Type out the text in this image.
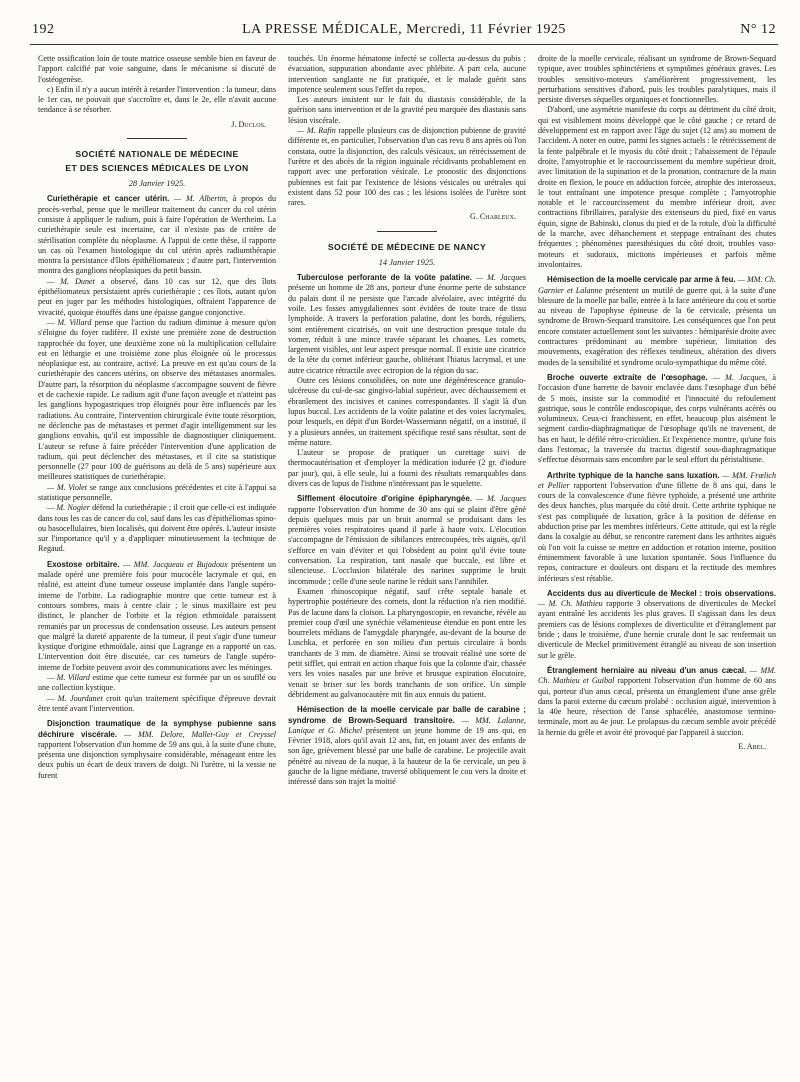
192	LA PRESSE MÉDICALE, Mercredi, 11 Février 1925	N° 12

Cette ossification loin de toute matrice osseuse semble bien en faveur de l'apport calcifié par voie sanguine, dans le mécanisme si discuté de l'ostéogenèse.

c) Enfin il n'y a aucun intérêt à retarder l'intervention : la tumeur, dans le 1er cas, ne pouvait que s'accroître et, dans le 2e, elle n'avait aucune tendance à se résorber.

J. Duclos.
SOCIÉTÉ NATIONALE DE MÉDECINE
ET DES SCIENCES MÉDICALES DE LYON
28 Janvier 1925.

Curiethérapie et cancer utérin. — M. Albertin, à propos du procès-verbal, pense que le meilleur traitement du cancer du col utérin consiste à appliquer le radium, puis à faire l'opération de Wertheim. La curiethérapie seule est incertaine, car il n'existe pas de critère de stérilisation complète du néoplasme. A l'appui de cette thèse, il rapporte un cas où l'examen histologique du col utérin après radiumthérapie montra la persistance d'îlots épithéliomateux ; d'autre part, l'intervention montra des ganglions néoplasiques du petit bassin.

— M. Dunet a observé, dans 10 cas sur 12, que des îlots épithéliomateux persistaient après curiethérapie ; ces îlots, autant qu'on peut en juger par les méthodes histologiques, offraient l'apparence de vivacité, quoique étouffés dans une épaisse gangue conjonctive.

— M. Villard pense que l'action du radium diminue à mesure qu'on s'éloigne du foyer radifère. Il existe une première zone de destruction rapprochée du foyer, une deuxième zone où la multiplication cellulaire est en léthargie et une troisième zone plus éloignée où le processus néoplasique est, au contraire, activé. La preuve en est qu'au cours de la curiethérapie des cancers utérins, on observe des métastases anormales. D'autre part, la résorption du néoplasme s'accompagne souvent de fièvre et de cachexie rapide. Le radium agit d'une façon aveugle et n'atteint pas les ganglions hypogastriques trop éloignés pour être influencés par les radiations. Au contraire, l'intervention chirurgicale évite toute résorption, ne déclenche pas de métastases et permet d'agir intelligemment sur les ganglions envahis, qu'il est impossible de diagnostiquer cliniquement. L'auteur se refuse à faire précéder l'intervention d'une application de radium, qui peut déclencher des métastases, et il cite sa statistique personnelle (27 pour 100 de guérisons au delà de 5 ans) supérieure aux meilleures statistiques de curiethérapie.

— M. Violet se range aux conclusions précédentes et cite à l'appui sa statistique personnelle.

— M. Nogier défend la curiethérapie ; il croit que celle-ci est indiquée dans tous les cas de cancer du col, sauf dans les cas d'épithéliomas spino- ou basocellulaires, bien localisés, qui doivent être opérés. L'auteur insiste sur l'importance qu'il y a d'appliquer minutieusement la technique de Regaud.

Exostose orbitaire. — MM. Jacqueau et Bujadoux présentent un malade opéré une première fois pour mucocèle lacrymale et qui, en réalité, est atteint d'une tumeur osseuse implantée dans l'angle supéro-interne de l'orbite. La radiographie montre que cette tumeur est à contours sombres, mais à centre clair ; le sinus maxillaire est peu distinct, le plancher de l'orbite et la région ethmoïdale paraissent remaniés par un processus de condensation osseuse. Les auteurs pensent que malgré la dureté apparente de la tumeur, il peut s'agir d'une tumeur kystique d'origine ethmoïdale, ainsi que Lagrange en a rapporté un cas. L'intervention doit être discutée, car ces tumeurs de l'angle supéro-interne de l'orbite peuvent avoir des communications avec les méninges.

— M. Villard estime que cette tumeur est formée par un os soufflé ou une collection kystique.

— M. Jourdanet croit qu'un traitement spécifique d'épreuve devrait être tenté avant l'intervention.

Disjonction traumatique de la symphyse pubienne sans déchirure viscérale. — MM. Delore, Mallet-Guy et Creyssel rapportent l'observation d'un homme de 59 ans qui, à la suite d'une chute, présenta une disjonction symphysaire considérable, ménageant entre les deux pubis un écart de deux travers de doigt. Ni l'urètre, ni la vessie ne furent

touchés. Un énorme hématome infecté se collecta au-dessus du pubis : évacuation, suppuration abondante avec phlébite. A part cela, aucune intervention sanglante ne fut pratiquée, et le malade guérit sans impotence seulement sous l'effet du repos.

Les auteurs insistent sur le fait du diastasis considérable, de la guérison sans intervention et de la gravité peu marquée des diastasis sans lésion viscérale.

— M. Rafin rappelle plusieurs cas de disjonction pubienne de gravité différente et, en particulier, l'observation d'un cas revu 8 ans après où l'on constata, outre la disjonction, des calculs vésicaux, un rétrécissement de l'urètre et des abcès de la région inguinale récidivants probablement en rapport avec une perforation vésicale. Le pronostic des disjonctions pubiennes est fait par l'existence de lésions vésicales ou urétrales qui existent dans 52 pour 100 des cas ; les lésions isolées de l'urètre sont rares.

G. Charleux.
SOCIÉTÉ DE MÉDECINE DE NANCY
14 Janvier 1925.

Tuberculose perforante de la voûte palatine. — M. Jacques présente un homme de 28 ans, porteur d'une énorme perte de substance du palais dont il ne persiste que l'arcade alvéolaire, avec intégrité du voile. Les fosses amygdaliennes sont évidées de toute trace de tissu lymphoïde. A travers la perforation palatine, dont les bords, réguliers, sont entièrement cicatrisés, on voit une destruction presque totale du vomer, réduit à une mince travée séparant les choanes. Les cornets, largement visibles, ont leur aspect presque normal. Il existe une cicatrice de la tête du cornet inférieur gauche, oblitérant l'hiatus lacrymal, et une autre cicatrice rétractile avec ectropion de la région du sac.

Outre ces lésions consolidées, on note une dégénérescence granulo-ulcéreuse du cul-de-sac gingivo-labial supérieur, avec déchaussement et ébranlement des incisives et canines correspondantes. Il s'agit là d'un lupus buccal. Les accidents de la voûte palatine et des voies lacrymales, pour lesquels, en dépit d'un Bordet-Wassermann négatif, on a institué, il y a plusieurs années, un traitement spécifique resté sans résultat, sont de même nature.

L'auteur se propose de pratiquer un curettage suivi de thermocautérisation et d'employer la médication iodurée (2 gr. d'iodure par jour), qui, à elle seule, lui a fourni des résultats remarquables dans divers cas de lupus de l'isthme n'intéressant pas le squelette.

Sifflement élocutoire d'origine épipharyngée. — M. Jacques rapporte l'observation d'un homme de 30 ans qui se plaint d'être gêné depuis quelques mois par un bruit anormal se produisant dans les premières voies respiratoires quand il parle à haute voix. L'élocution s'accompagne de l'émission de sibilances entrecoupées, très aiguës, qu'il s'efforce en vain d'éviter et qui l'obsèdent au point qu'il évite toute conversation. La respiration, tant nasale que buccale, est libre et silencieuse. L'occlusion bilatérale des narines supprime le bruit incommode ; celle d'une seule narine le réduit sans l'annihiler.

Examen rhinoscopique négatif, sauf crête septale banale et hypertrophie postérieure des cornets, dont la réduction n'a rien modifié. Pas de lacune dans la cloison. La pharyngoscopie, en revanche, révèle au premier coup d'œil une synéchie vélamenteuse étendue en pont entre les bourrelets médians de l'amygdale pharyngée, au-devant de la bourse de Luschka, et perforée en son milieu d'un pertuis circulaire à bords tranchants de 3 mm. de diamètre. Ainsi se trouvait réalisé une sorte de petit sifflet, qui entrait en action chaque fois que la colonne d'air, chassée vers les voies nasales par une brève et brusque expiration élocutoire, venait se briser sur les bords tranchants de son orifice. Un simple débridement au galvanocautère mit fin aux ennuis du patient.

Hémisection de la moelle cervicale par balle de carabine ; syndrome de Brown-Sequard transitoire. — MM. Lalanne, Lanique et G. Michel présentent un jeune homme de 19 ans qui, en Février 1918, alors qu'il avait 12 ans, fut, en jouant avec des enfants de son âge, grièvement blessé par une balle de carabine. Le projectile avait pénétré au niveau de la nuque, à la hauteur de la 6e cervicale, un peu à gauche de la ligne médiane, traversé obliquement le cou vers la droite et intéressé dans son trajet la moitié

droite de la moelle cervicale, réalisant un syndrome de Brown-Sequard typique, avec troubles sphinctériens et symptômes généraux graves. Les troubles sensitivo-moteurs s'améliorèrent progressivement, les perturbations sensitives d'abord, puis les troubles paralytiques, mais il persiste diverses séquelles organiques et fonctionnelles.

D'abord, une asymétrie manifeste du corps au détriment du côté droit, qui est visiblement moins développé que le côté gauche ; ce retard de développement est en rapport avec l'âge du sujet (12 ans) au moment de l'accident. A noter en outre, parmi les signes actuels : le rétrécissement de la fente palpébrale et le myosis du côté droit ; l'abaissement de l'épaule droite, l'amyotrophie et le raccourcissement du membre supérieur droit, avec limitation de la supination et de la pronation, contracture de la main droite en flexion, le pouce en adduction forcée, atrophie des interosseux, le tout entraînant une impotence presque complète ; l'amyotrophie notable et le raccourcissement du membre inférieur droit, avec contractions fibrillaires, paralysie des extenseurs du pied, fixé en varus équin, signe de Babinski, clonus du pied et de la rotule, d'où la difficulté de la marche, avec déhanchement et steppage entraînant des chutes fréquentes ; phénomènes paresthésiques du côté droit, troubles vaso-moteurs et sudoraux, mictions impérieuses et parfois même involontaires.

Hémisection de la moelle cervicale par arme à feu. — MM. Ch. Garnier et Lalanne présentent un mutilé de guerre qui, à la suite d'une blessure de la moelle par balle, entrée à la face antérieure du cou et sortie au niveau de l'apophyse épineuse de la 6e cervicale, présenta un syndrome de Brown-Sequard transitoire. Les conséquences que l'on peut encore constater actuellement sont les suivantes : hémiparésie droite avec contractures prédominant au membre supérieur, limitation des mouvements, exagération des réflexes tendineux, altération des divers modes de la sensibilité et syndrome oculo-sympathique du même côté.

Broche ouverte extraite de l'œsophage. — M. Jacques, à l'occasion d'une barrette de bavoir enclavée dans l'œsophage d'un bébé de 5 mois, insiste sur la commodité et l'innocuité du refoulement gastrique, sous le contrôle endoscopique, des corps vulnérants acérés ou volumineux. Ceux-ci franchissent, en effet, beaucoup plus aisément le segment cardio-diaphragmatique de l'œsophage qu'ils ne traversent, de bas en haut, le défilé rétro-cricoïdien. Et l'expérience montre, qu'une fois dans l'estomac, la traversée du tractus digestif sous-diaphragmatique s'effectue désormais sans encombre par le seul effort du péristaltisme.

Arthrite typhique de la hanche sans luxation. — MM. Frœlich et Pellier rapportent l'observation d'une fillette de 8 ans qui, dans le cours de la convalescence d'une fièvre typhoïde, a présenté une arthrite des deux hanches, plus marquée du côté droit. Cette arthrite typhique ne s'est pas compliquée de luxation, grâce à la position de défense en abduction prise par les membres inférieurs. Cette attitude, qui est la règle dans la coxalgie au début, se rencontre rarement dans les arthrites aiguës où l'on voit la cuisse se mettre en adduction et rotation interne, position éminemment favorable à une luxation spontanée. Sous l'influence du repos, contracture et douleurs ont disparu et la rectitude des membres inférieurs s'est rétablie.

Accidents dus au diverticule de Meckel : trois observations. — M. Ch. Mathieu rapporte 3 observations de diverticules de Meckel ayant entraîné les accidents les plus graves. Il s'agissait dans les deux premiers cas de lésions complexes de diverticulite et d'étranglement par bride ; dans le troisième, d'une hernie crurale dont le sac renfermait un diverticule de Meckel primitivement étranglé au niveau de son insertion sur le grêle.

Étranglement herniaire au niveau d'un anus cæcal. — MM. Ch. Mathieu et Guibal rapportent l'observation d'un homme de 60 ans qui, porteur d'un anus cæcal, présenta un étranglement d'une anse grêle dans la paroi externe du cæcum prolabé : occlusion aiguë, intervention à la 40e heure, résection de l'anse sphacélée, anastomose termino-terminale, mort au 4e jour. Le prolapsus du cæcum semble avoir précédé la hernie du grêle et avoir été provoqué par l'appareil à succion.

E. Abel.
